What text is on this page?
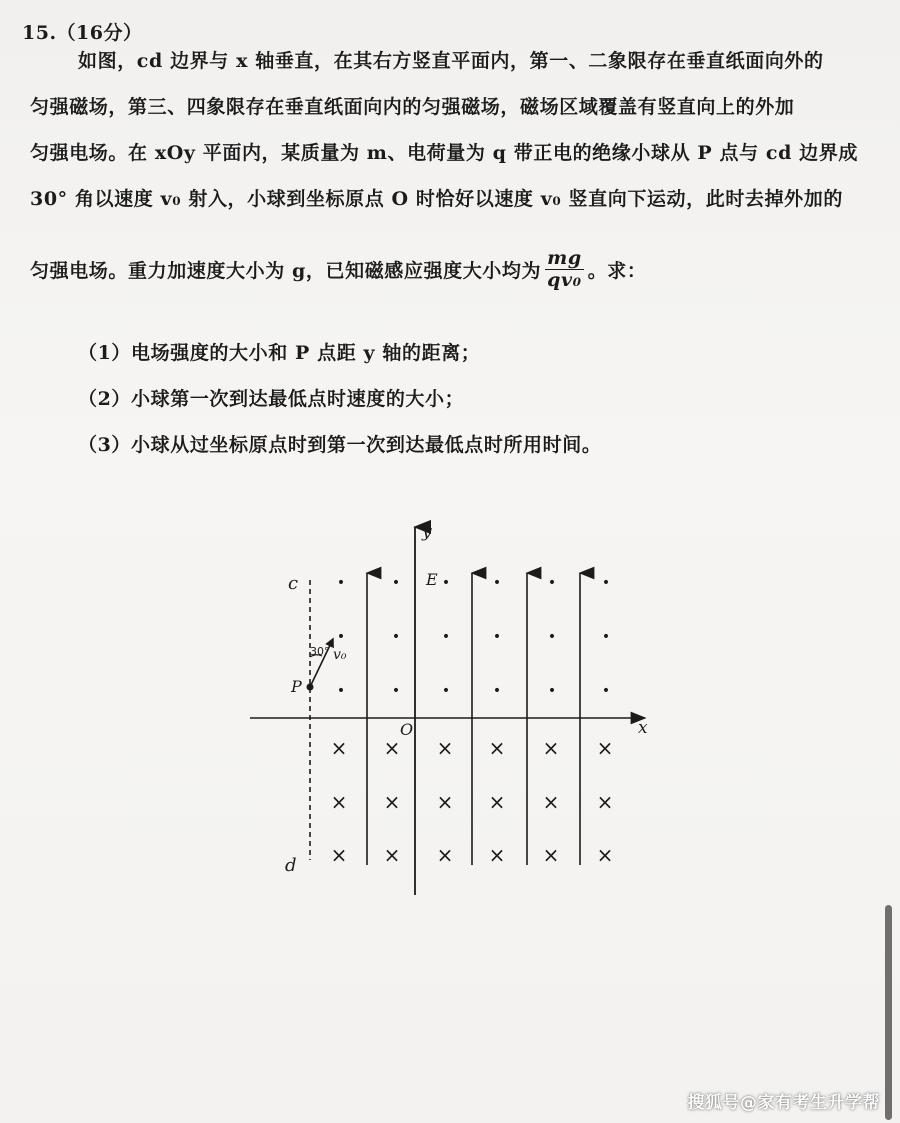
15.（16分）

如图，cd 边界与 x 轴垂直，在其右方竖直平面内，第一、二象限存在垂直纸面向外的

匀强磁场，第三、四象限存在垂直纸面向内的匀强磁场，磁场区域覆盖有竖直向上的外加

匀强电场。在 xOy 平面内，某质量为 m、电荷量为 q 带正电的绝缘小球从 P 点与 cd 边界成

30° 角以速度 v₀ 射入，小球到坐标原点 O 时恰好以速度 v₀ 竖直向下运动，此时去掉外加的

匀强电场。重力加速度大小为 g，已知磁感应强度大小均为 $\frac{mg}{\text{qv₀}}$ 。求：
（1）电场强度的大小和 P 点距 y 轴的距离；
（2）小球第一次到达最低点时速度的大小；
（3）小球从过坐标原点时到第一次到达最低点时所用时间。
•	•	•	•	•	•
•	•	•	•	•	•
•	•	•	•	•	•
× × × × × ×
× × × × × ×
× × × × × ×
y
x
O
c
d
E
P
v₀
30°
搜狐号@家有考生升学帮
